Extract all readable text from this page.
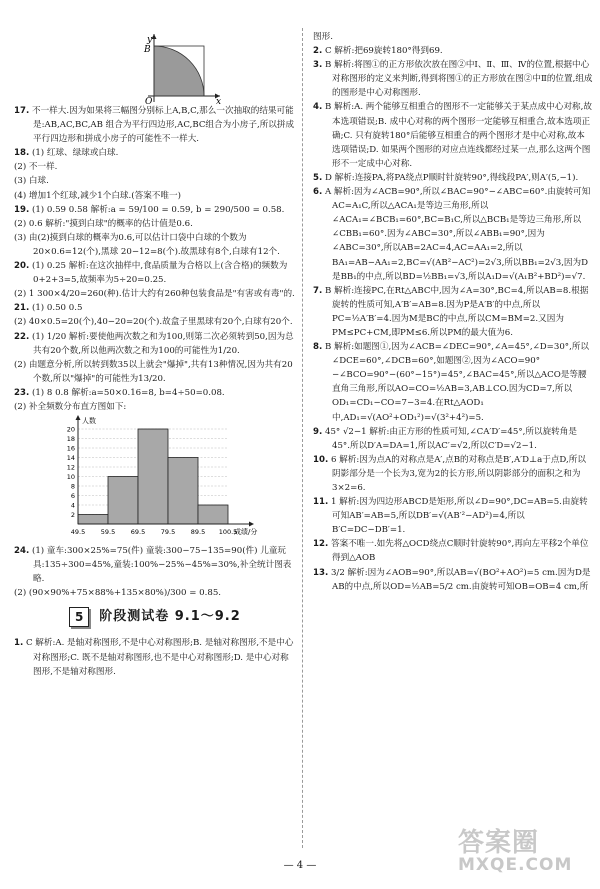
y
x
O
B

17. 不一样大.因为如果将三幅图分别标上A,B,C,那么一次抽取的结果可能是:AB,AC,BC,AB 组合为平行四边形,AC,BC组合为小房子,所以拼成平行四边形和拼成小房子的可能性不一样大.

18. (1) 红球、绿球或白球.

(2) 不一样.

(3) 白球.

(4) 增加1个红球,减少1个白球.(答案不唯一)

19. (1) 0.59 0.58 解析:a = 59/100 = 0.59, b = 290/500 = 0.58.

(2) 0.6 解析:"摸到白球"的概率的估计值是0.6.

(3) 由(2)摸到白球的概率为0.6,可以估计口袋中白球的个数为 20×0.6=12(个),黑球 20−12=8(个).故黑球有8个,白球有12个.

20. (1) 0.25 解析:在这次抽样中,食品质量为合格以上(含合格)的频数为0+2+3=5,故频率为5÷20=0.25.

(2) 1 300×4/20=260(种).估计大约有260种包装食品是"有害或有毒"的.

21. (1) 0.50 0.5

(2) 40×0.5=20(个),40−20=20(个).故盒子里黑球有20个,白球有20个.

22. (1) 1/20 解析:要使他两次数之和为100,则第二次必须转到50,因为总共有20个数,所以他两次数之和为100的可能性为1/20.

(2) 由题意分析,所以转到数35以上就会"爆掉",共有13种情况,因为共有20个数,所以"爆掉"的可能性为13/20.

23. (1) 8 0.8 解析:a=50×0.16=8, b=4÷50=0.08.

(2) 补全频数分布直方图如下:

2
4
6
8
10
12
14
16
18
20
49.5 59.5 69.5 79.5 89.5 100.5
人数
成绩/分

24. (1) 童车:300×25%=75(件) 童装:300−75−135=90(件) 儿童玩具:135÷300=45%,童装:100%−25%−45%=30%,补全统计图表略.

(2) (90×90%+75×88%+135×80%)/300 = 0.85.

5	阶段测试卷 9.1～9.2

1. C 解析:A. 是轴对称图形,不是中心对称图形;B. 是轴对称图形,不是中心对称图形;C. 既不是轴对称图形,也不是中心对称图形;D. 是中心对称图形,不是轴对称图形.

图形.

2. C 解析:把69旋转180°得到69.

3. B 解析:将图①的正方形依次放在图②中Ⅰ、Ⅱ、Ⅲ、Ⅳ的位置,根据中心对称图形的定义来判断,得到将图①的正方形放在图②中Ⅱ的位置,组成的图形是中心对称图形.

4. B 解析:A. 两个能够互相重合的图形不一定能够关于某点成中心对称,故本选项错误;B. 成中心对称的两个图形一定能够互相重合,故本选项正确;C. 只有旋转180°后能够互相重合的两个图形才是中心对称,故本选项错误;D. 如果两个图形的对应点连线都经过某一点,那么这两个图形不一定成中心对称.

5. D 解析:连接PA,将PA绕点P顺时针旋转90°,得线段PA′,则A′(5,−1).

6. A 解析:因为∠ACB=90°,所以∠BAC=90°−∠ABC=60°.由旋转可知AC=A₁C,所以△ACA₁是等边三角形,所以∠ACA₁=∠BCB₁=60°,BC=B₁C,所以△BCB₁是等边三角形,所以∠CBB₁=60°.因为∠ABC=30°,所以∠ABB₁=90°,因为∠ABC=30°,所以AB=2AC=4,AC=AA₁=2,所以BA₁=AB−AA₁=2,BC=√(AB²−AC²)=2√3,所以BB₁=2√3,因为D是BB₁的中点,所以BD=½BB₁=√3,所以A₁D=√(A₁B²+BD²)=√7.

7. B 解析:连接PC,在Rt△ABC中,因为∠A=30°,BC=4,所以AB=8.根据旋转的性质可知,A′B′=AB=8.因为P是A′B′的中点,所以PC=½A′B′=4.因为M是BC的中点,所以CM=BM=2.又因为PM≤PC+CM,即PM≤6.所以PM的最大值为6.

8. B 解析:如题图①,因为∠ACB=∠DEC=90°,∠A=45°,∠D=30°,所以∠DCE=60°,∠DCB=60°,如题图②,因为∠ACO=90°−∠BCO=90°−(60°−15°)=45°,∠BAC=45°,所以△ACO是等腰直角三角形,所以AO=CO=½AB=3,AB⊥CO.因为CD=7,所以OD₁=CD₁−CO=7−3=4.在Rt△AOD₁中,AD₁=√(AO²+OD₁²)=√(3²+4²)=5.

9. 45° √2−1 解析:由正方形的性质可知,∠CA′D′=45°,所以旋转角是45°.所以D′A=DA=1,所以AC′=√2,所以C′D=√2−1.

10. 6 解析:因为点A的对称点是A′,点B的对称点是B′,A′D⊥a于点D,所以阴影部分是一个长为3,宽为2的长方形,所以阴影部分的面积之和为3×2=6.

11. 1 解析:因为四边形ABCD是矩形,所以∠D=90°,DC=AB=5.由旋转可知AB′=AB=5,所以DB′=√(AB′²−AD²)=4,所以B′C=DC−DB′=1.

12. 答案不唯一.如先将△OCD绕点C顺时针旋转90°,再向左平移2个单位得到△AOB

13. 3/2 解析:因为∠AOB=90°,所以AB=√(BO²+AO²)=5 cm.因为D是AB的中点,所以OD=½AB=5/2 cm.由旋转可知OB=OB=4 cm,所

— 4 —
答案圈
MXQE.COM
